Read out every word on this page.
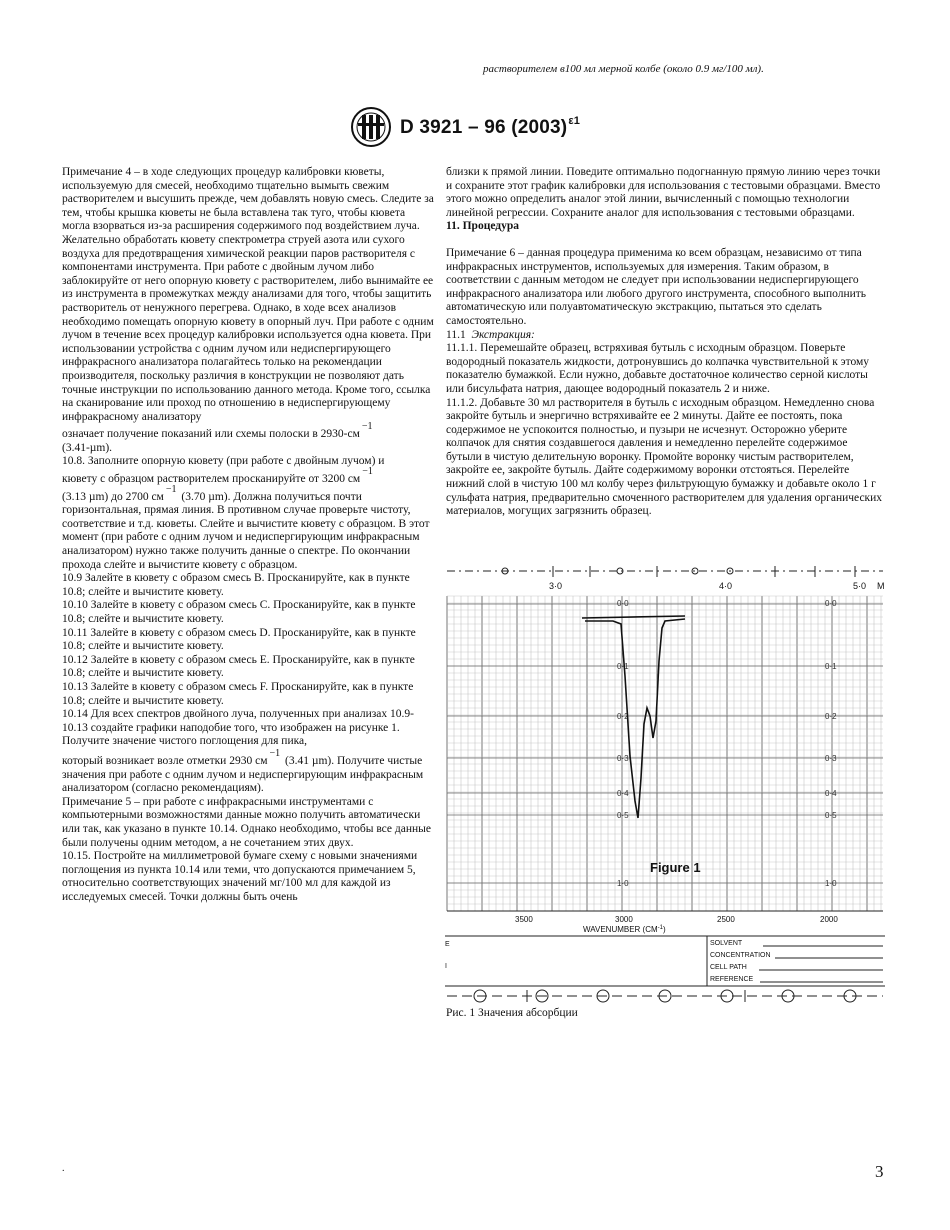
растворителем в100 мл мерной колбе (около 0.9 мг/100 мл).
D 3921 – 96 $(2003)^{\varepsilon 1}$

Примечание 4 – в ходе следующих процедур калибровки кюветы, используемую для смесей, необходимо тщательно вымыть свежим растворителем и высушить прежде, чем добавлять новую смесь. Следите за тем, чтобы крышка кюветы не была вставлена так туго, чтобы кювета могла взорваться из-за расширения содержимого под воздействием луча. Желательно обработать кювету спектрометра струей азота или сухого воздуха для предотвращения химической реакции паров растворителя с компонентами инструмента. При работе с двойным лучом либо заблокируйте от него опорную кювету с растворителем, либо вынимайте ее из инструмента в промежутках между анализами для того, чтобы защитить растворитель от ненужного перегрева. Однако, в ходе всех анализов необходимо помещать опорную кювету в опорный луч. При работе с одним лучом в течение всех процедур калибровки используется одна кювета. При использовании устройства с одним лучом или недиспергирующего инфракрасного анализатора полагайтесь только на рекомендации производителя, поскольку различия в конструкции не позволяют дать точные инструкции по использованию данного метода. Кроме того, ссылка на сканирование или проход по отношению в недиспергирующему инфракрасному анализатору

означает получение показаний или схемы полоски в 2930-см−1

(3.41-µm).

10.8. Заполните опорную кювету (при работе с двойным лучом) и

кювету с образцом растворителем просканируйте от 3200 см−1

(3.13 µm) до 2700 см−1 (3.70 µm). Должна получиться почти горизонтальная, прямая линия. В противном случае проверьте чистоту, соответствие и т.д. кюветы. Слейте и вычистите кювету с образцом. В этот момент (при работе с одним лучом и недиспергирующим инфракрасным анализатором) нужно также получить данные о спектре. По окончании прохода слейте и вычистите кювету с образцом.

10.9 Залейте в кювету с образом смесь В. Просканируйте, как в пункте 10.8; слейте и вычистите кювету.

10.10 Залейте в кювету с образом смесь С. Просканируйте, как в пункте 10.8; слейте и вычистите кювету.

10.11 Залейте в кювету с образом смесь D. Просканируйте, как в пункте 10.8; слейте и вычистите кювету.

10.12 Залейте в кювету с образом смесь Е. Просканируйте, как в пункте 10.8; слейте и вычистите кювету.

10.13 Залейте в кювету с образом смесь F. Просканируйте, как в пункте 10.8; слейте и вычистите кювету.

10.14 Для всех спектров двойного луча, полученных при анализах 10.9-10.13 создайте графики наподобие того, что изображен на рисунке 1. Получите значение чистого поглощения для пика,

который возникает возле отметки 2930 см−1 (3.41 µm). Получите чистые значения при работе с одним лучом и недиспергирующим инфракрасным анализатором (согласно рекомендациям).

Примечание 5 – при работе с инфракрасными инструментами с компьютерными возможностями данные можно получить автоматически или так, как указано в пункте 10.14. Однако необходимо, чтобы все данные были получены одним методом, а не сочетанием этих двух.

10.15. Постройте на миллиметровой бумаге схему с новыми значениями поглощения из пункта 10.14 или теми, что допускаются примечанием 5, относительно соответствующих значений мг/100 мл для каждой из исследуемых смесей. Точки должны быть очень

близки к прямой линии. Поведите оптимально подогнанную прямую линию через точки и сохраните этот график калибровки для использования с тестовыми образцами. Вместо этого можно определить аналог этой линии, вычисленный с помощью технологии линейной регрессии. Сохраните аналог для использования с тестовыми образцами.

11. Процедура

Примечание 6 – данная процедура применима ко всем образцам, независимо от типа инфракрасных инструментов, используемых для измерения. Таким образом, в соответствии с данным методом не следует при использовании недиспергирующего инфракрасного анализатора или любого другого инструмента, способного выполнить автоматическую или полуавтоматическую экстракцию, пытаться это сделать самостоятельно.

11.1 Экстракция:

11.1.1. Перемешайте образец, встряхивая бутыль с исходным образцом. Поверьте водородный показатель жидкости, дотронувшись до колпачка чувствительной к этому показателю бумажкой. Если нужно, добавьте достаточное количество серной кислоты или бисульфата натрия, дающее водородный показатель 2 и ниже.

11.1.2. Добавьте 30 мл растворителя в бутыль с исходным образцом. Немедленно снова закройте бутыль и энергично встряхивайте ее 2 минуты. Дайте ее постоять, пока содержимое не успокоится полностью, и пузыри не исчезнут. Осторожно уберите колпачок для снятия создавшегося давления и немедленно перелейте содержимое бутыли в чистую делительную воронку. Промойте воронку чистым растворителем, закройте ее, закройте бутыль. Дайте содержимому воронки отстояться. Перелейте нижний слой в чистую 100 мл колбу через фильтрующую бумажку и добавьте около 1 г сульфата натрия, предварительно смоченного растворителем для удаления органических материалов, могущих загрязнить образец.

3·0	4·0	5·0 M
0·0
0·1
0·2
0·3
0·4
0·5
1·0
0·0
0·1
0·2
0·3
0·4
0·5
1·0
Figure 1
3500	3000	2500	2000
WAVENUMBER $(CM^{-1})$
E
I
SOLVENT
CONCENTRATION
CELL PATH
REFERENCE
Рис. 1 Значения абсорбции
.	3
